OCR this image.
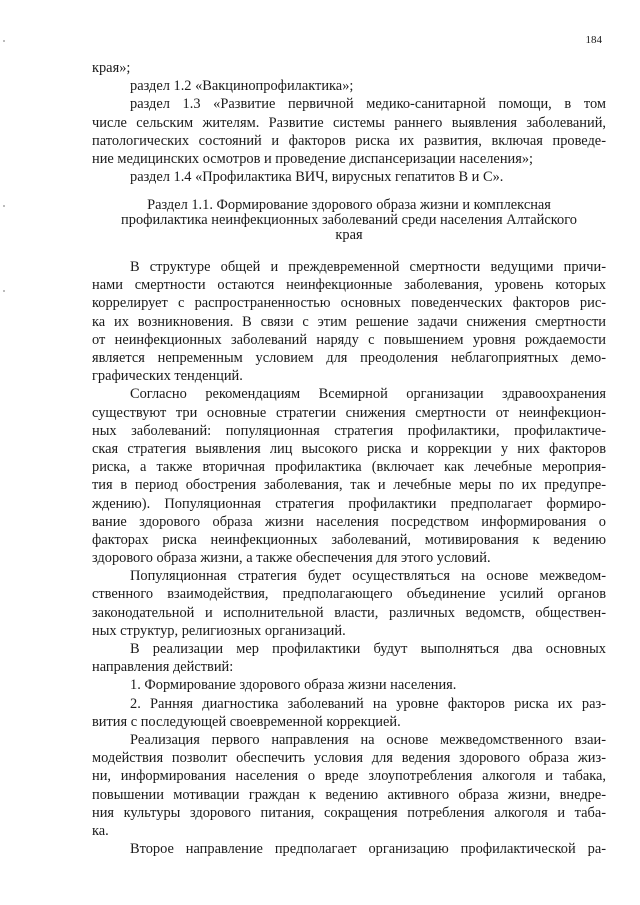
184

края»;

раздел 1.2 «Вакцинопрофилактика»;

раздел 1.3 «Развитие первичной медико-санитарной помощи, в том

числе сельским жителям. Развитие системы раннего выявления заболеваний,

патологических состояний и факторов риска их развития, включая проведе-

ние медицинских осмотров и проведение диспансеризации населения»;

раздел 1.4 «Профилактика ВИЧ, вирусных гепатитов В и С».

Раздел 1.1. Формирование здорового образа жизни и комплексная
профилактика неинфекционных заболеваний среди населения Алтайского
края

В структуре общей и преждевременной смертности ведущими причи-

нами смертности остаются неинфекционные заболевания, уровень которых

коррелирует с распространенностью основных поведенческих факторов рис-

ка их возникновения. В связи с этим решение задачи снижения смертности

от неинфекционных заболеваний наряду с повышением уровня рождаемости

является непременным условием для преодоления неблагоприятных демо-

графических тенденций.

Согласно рекомендациям Всемирной организации здравоохранения

существуют три основные стратегии снижения смертности от неинфекцион-

ных заболеваний: популяционная стратегия профилактики, профилактиче-

ская стратегия выявления лиц высокого риска и коррекции у них факторов

риска, а также вторичная профилактика (включает как лечебные мероприя-

тия в период обострения заболевания, так и лечебные меры по их предупре-

ждению). Популяционная стратегия профилактики предполагает формиро-

вание здорового образа жизни населения посредством информирования о

факторах риска неинфекционных заболеваний, мотивирования к ведению

здорового образа жизни, а также обеспечения для этого условий.

Популяционная стратегия будет осуществляться на основе межведом-

ственного взаимодействия, предполагающего объединение усилий органов

законодательной и исполнительной власти, различных ведомств, обществен-

ных структур, религиозных организаций.

В реализации мер профилактики будут выполняться два основных

направления действий:

1. Формирование здорового образа жизни населения.

2. Ранняя диагностика заболеваний на уровне факторов риска их раз-

вития с последующей своевременной коррекцией.

Реализация первого направления на основе межведомственного взаи-

модействия позволит обеспечить условия для ведения здорового образа жиз-

ни, информирования населения о вреде злоупотребления алкоголя и табака,

повышении мотивации граждан к ведению активного образа жизни, внедре-

ния культуры здорового питания, сокращения потребления алкоголя и таба-

ка.

Второе направление предполагает организацию профилактической ра-
